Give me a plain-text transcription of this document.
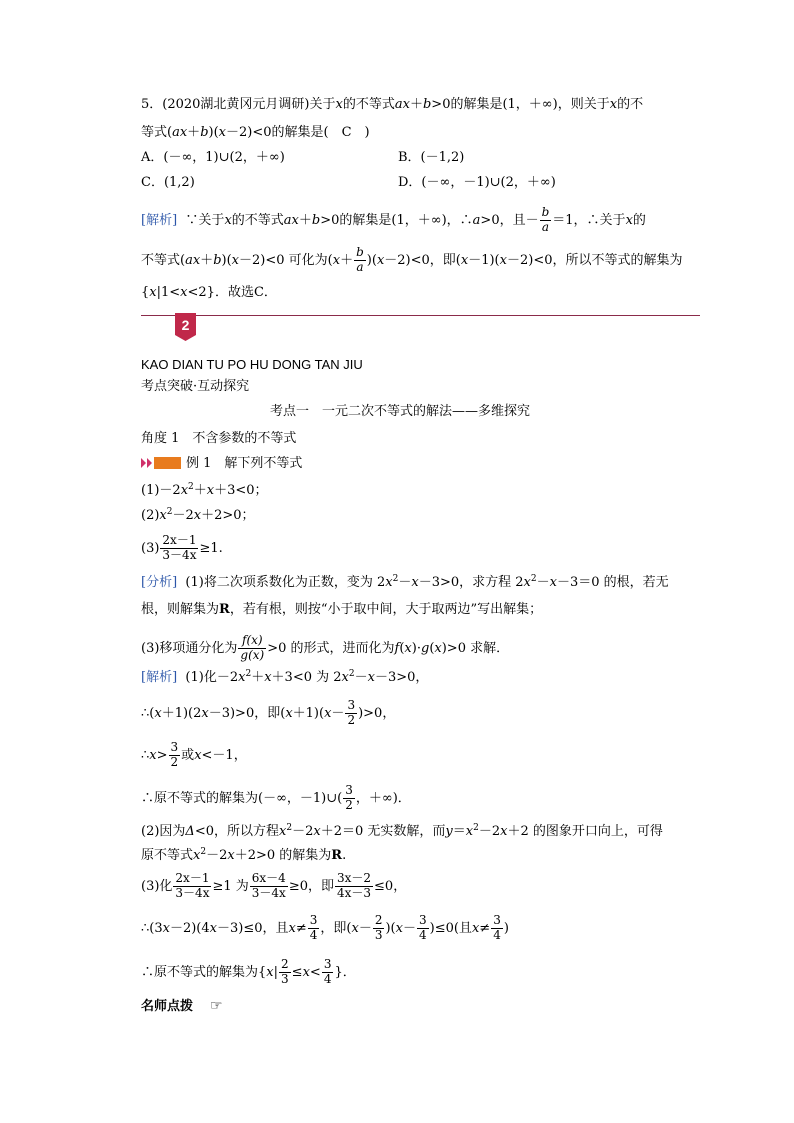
5．(2020湖北黄冈元月调研)关于x的不等式ax＋b>0的解集是(1，＋∞)，则关于x的不
等式(ax＋b)(x－2)<0的解集是(　C　)
A．(－∞，1)∪(2，＋∞)	B．(－1,2)
C．(1,2)	D．(－∞，－1)∪(2，＋∞)
[解析] ∵关于x的不等式ax＋b>0的解集是(1，＋∞)，∴a>0，且－ $\frac{b}{a} =1$，∴关于x的
不等式(ax＋b)(x－2)<0 可化为$(x+ \frac{b}{a} )(x-2)<0$，即(x－1)(x－2)<0，所以不等式的解集为
{x|1<x<2}．故选C．
2
KAO DIAN TU PO HU DONG TAN JIU
考点突破·互动探究
考点一　一元二次不等式的解法——多维探究
角度 1　不含参数的不等式
例 1　解下列不等式
$(1)-2x^2+x+3<0$；
$(2)x^2-2x+2>0$；
$(3) \frac{2x-1}{3-4x} \ge 1$.
[分析] (1)将二次项系数化为正数，变为 $2x^2-x-3>0$，求方程 $2x^2-x-3=0$ 的根，若无
根，则解集为R，若有根，则按“小于取中间，大于取两边”写出解集；
(3)移项通分化为 $\frac{f(x)}{g(x)} >0$ 的形式，进而化为f(x)·g(x)>0 求解．
[解析] (1)化$-2x^2+x+3<0$ 为 $2x^2-x-3>0$，
∴(x＋1)(2x－3)>0，即$(x+1)(x- \frac{3}{2} )>0$，
∴x> $\frac{3}{2}$ 或x<－1，
∴原不等式的解集为(－∞，－1)∪( $\frac{3}{2}$ ，＋∞)．
(2)因为Δ<0，所以方程$x^2-2x+2=0$ 无实数解，而$y=x^2-2x+2$ 的图象开口向上，可得
原不等式$x^2-2x+2>0$ 的解集为R.
(3)化 $\frac{2x-1}{3-4x} \ge 1$ 为 $\frac{6x-4}{3-4x} \ge 0$，即 $\frac{3x-2}{4x-3} \le 0$，
∴(3x－2)(4x－3)≤0，且$x\ne \frac{3}{4}$ ，即$(x- \frac{2}{3} )(x- \frac{3}{4} )\le 0$(且$x\ne \frac{3}{4}$ )
∴原不等式的解集为{$x| \frac{2}{3} \le x< \frac{3}{4}$ }．
名师点拨 ☞
